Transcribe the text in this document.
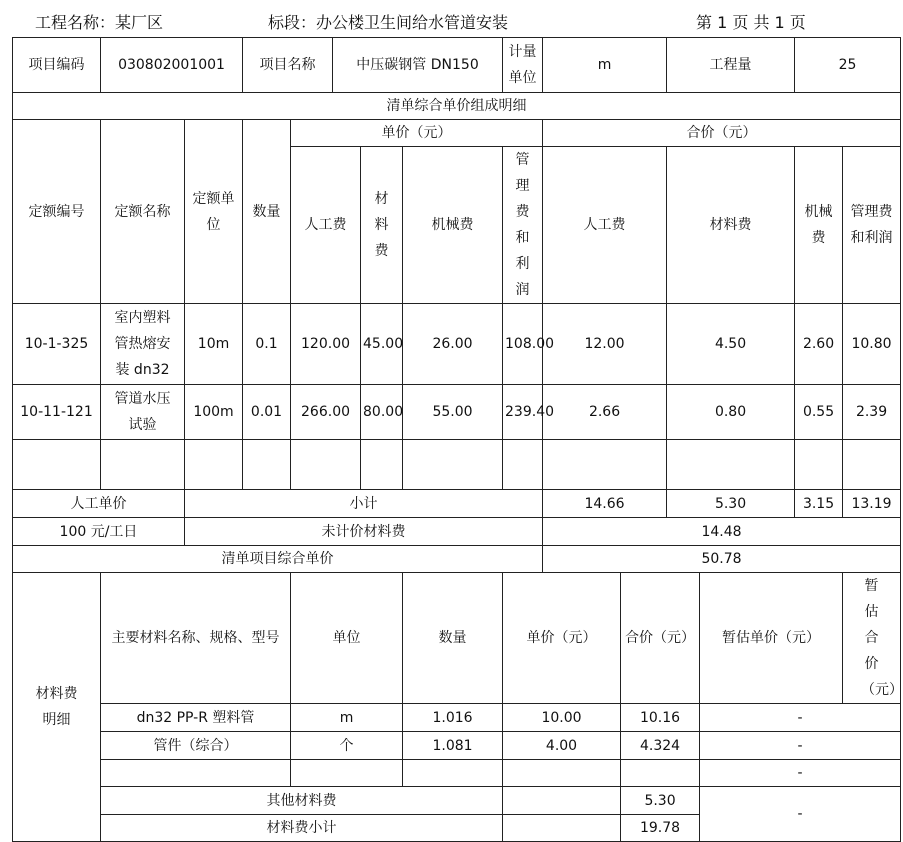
工程名称：某厂区	标段：办公楼卫生间给水管道安装	第 1 页 共 1 页
项目编码	030802001001		项目名称		中压碳钢管 DN150			计量单位	m		工程量		25	
清单综合单价组成明细														
定额编号	定额名称	定额单位	数量	单价（元）					合价（元）					
				人工费		材料费	机械费	管理费和利润	人工费		材料费		机械费	管理费和利润
10-1-325	室内塑料管热熔安装 dn32	10m	0.1	120.00		45.00	26.00	108.00	12.00		4.50		2.60	10.80
10-11-121	管道水压试验	100m	0.01	266.00		80.00	55.00	239.40	2.66		0.80		0.55	2.39

人工单价		小计							14.66		5.30		3.15	13.19
100 元/工日		未计价材料费							14.48					
清单项目综合单价									50.78					
材料费明细	主要材料名称、规格、型号			单位			数量	单价（元）		合价（元）		暂估单价（元）		暂估合价（元）
	dn32 PP-R 塑料管			m			1.016	10.00		10.16		-		
	管件（综合）			个			1.081	4.00		4.324		-		
												-		
	其他材料费									5.30		-		
	材料费小计									19.78				
